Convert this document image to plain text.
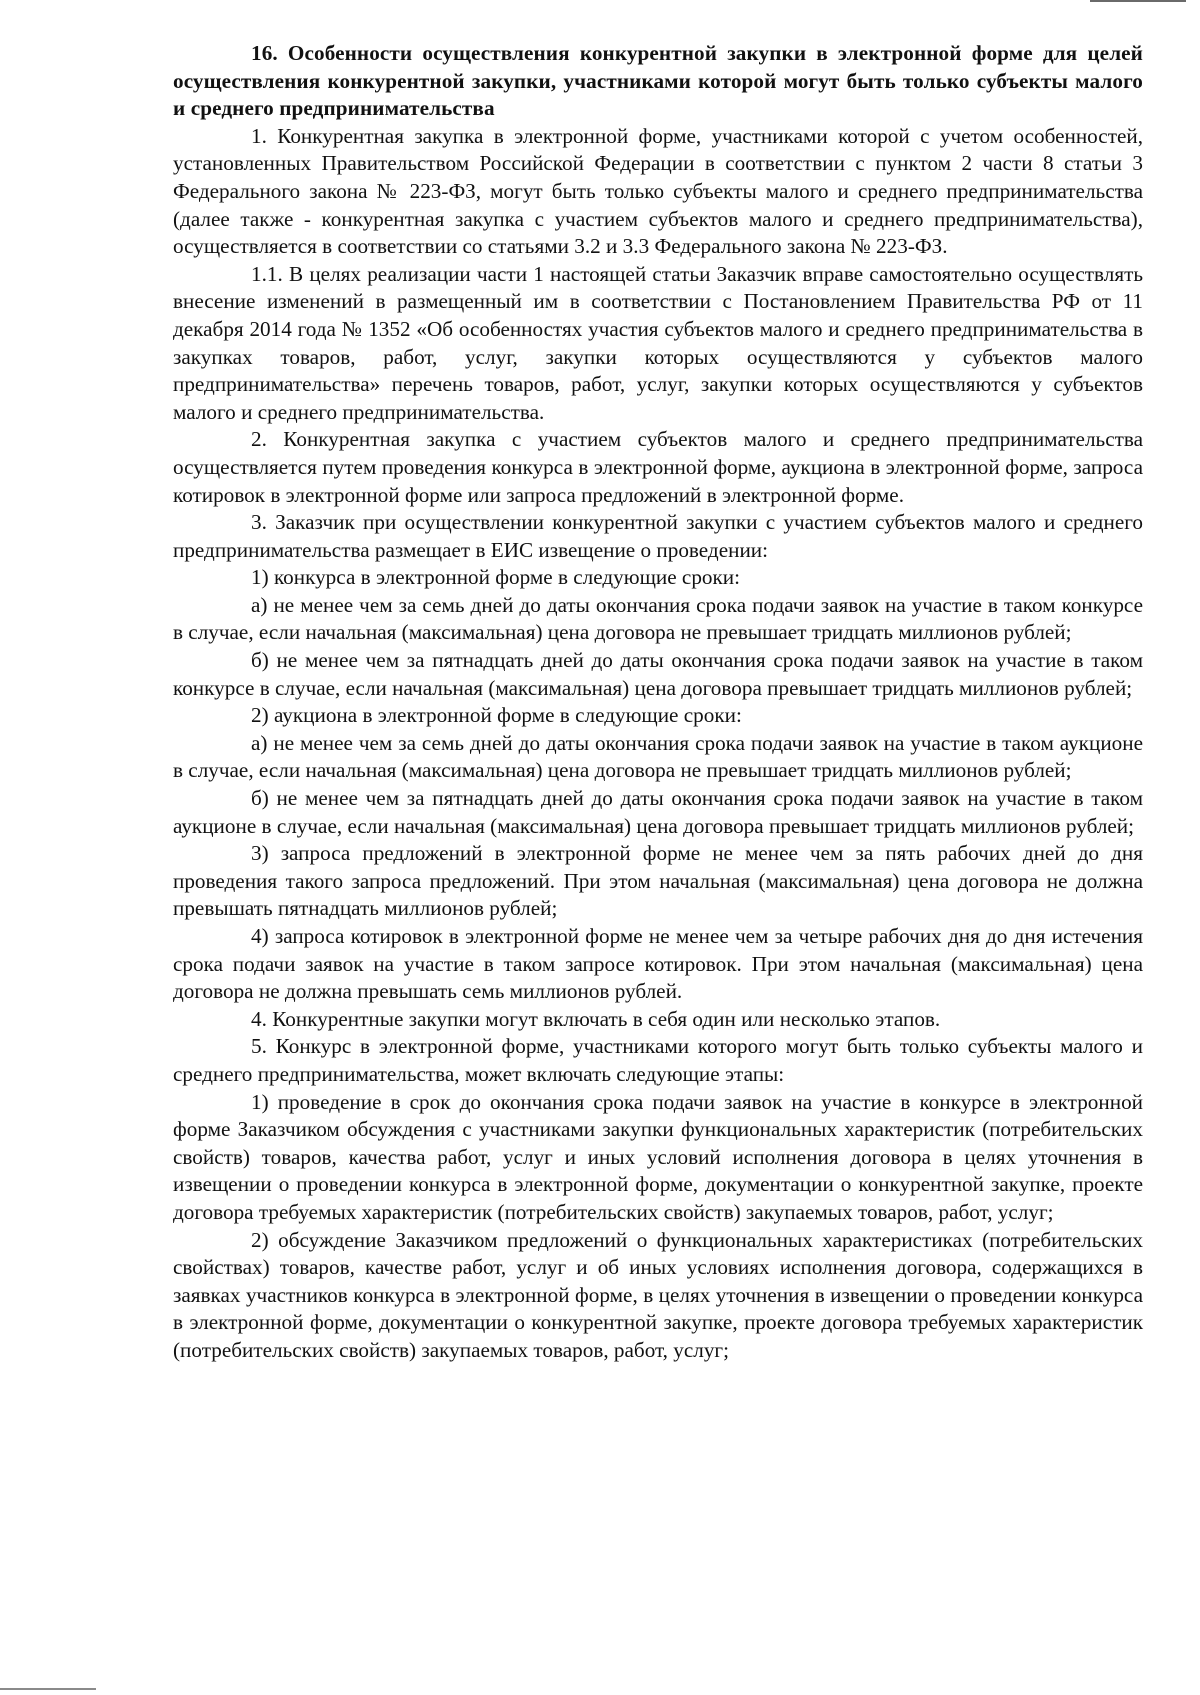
16. Особенности осуществления конкурентной закупки в электронной форме для целей осуществления конкурентной закупки, участниками которой могут быть только субъекты малого и среднего предпринимательства

1. Конкурентная закупка в электронной форме, участниками которой с учетом особенностей, установленных Правительством Российской Федерации в соответствии с пунктом 2 части 8 статьи 3 Федерального закона № 223-ФЗ, могут быть только субъекты малого и среднего предпринимательства (далее также - конкурентная закупка с участием субъектов малого и среднего предпринимательства), осуществляется в соответствии со статьями 3.2 и 3.3 Федерального закона № 223-ФЗ.

1.1. В целях реализации части 1 настоящей статьи Заказчик вправе самостоятельно осуществлять внесение изменений в размещенный им в соответствии с Постановлением Правительства РФ от 11 декабря 2014 года № 1352 «Об особенностях участия субъектов малого и среднего предпринимательства в закупках товаров, работ, услуг, закупки которых осуществляются у субъектов малого предпринимательства» перечень товаров, работ, услуг, закупки которых осуществляются у субъектов малого и среднего предпринимательства.

2. Конкурентная закупка с участием субъектов малого и среднего предпринимательства осуществляется путем проведения конкурса в электронной форме, аукциона в электронной форме, запроса котировок в электронной форме или запроса предложений в электронной форме.

3. Заказчик при осуществлении конкурентной закупки с участием субъектов малого и среднего предпринимательства размещает в ЕИС извещение о проведении:

1) конкурса в электронной форме в следующие сроки:

а) не менее чем за семь дней до даты окончания срока подачи заявок на участие в таком конкурсе в случае, если начальная (максимальная) цена договора не превышает тридцать миллионов рублей;

б) не менее чем за пятнадцать дней до даты окончания срока подачи заявок на участие в таком конкурсе в случае, если начальная (максимальная) цена договора превышает тридцать миллионов рублей;

2) аукциона в электронной форме в следующие сроки:

а) не менее чем за семь дней до даты окончания срока подачи заявок на участие в таком аукционе в случае, если начальная (максимальная) цена договора не превышает тридцать миллионов рублей;

б) не менее чем за пятнадцать дней до даты окончания срока подачи заявок на участие в таком аукционе в случае, если начальная (максимальная) цена договора превышает тридцать миллионов рублей;

3) запроса предложений в электронной форме не менее чем за пять рабочих дней до дня проведения такого запроса предложений. При этом начальная (максимальная) цена договора не должна превышать пятнадцать миллионов рублей;

4) запроса котировок в электронной форме не менее чем за четыре рабочих дня до дня истечения срока подачи заявок на участие в таком запросе котировок. При этом начальная (максимальная) цена договора не должна превышать семь миллионов рублей.

4. Конкурентные закупки могут включать в себя один или несколько этапов.

5. Конкурс в электронной форме, участниками которого могут быть только субъекты малого и среднего предпринимательства, может включать следующие этапы:

1) проведение в срок до окончания срока подачи заявок на участие в конкурсе в электронной форме Заказчиком обсуждения с участниками закупки функциональных характеристик (потребительских свойств) товаров, качества работ, услуг и иных условий исполнения договора в целях уточнения в извещении о проведении конкурса в электронной форме, документации о конкурентной закупке, проекте договора требуемых характеристик (потребительских свойств) закупаемых товаров, работ, услуг;

2) обсуждение Заказчиком предложений о функциональных характеристиках (потребительских свойствах) товаров, качестве работ, услуг и об иных условиях исполнения договора, содержащихся в заявках участников конкурса в электронной форме, в целях уточнения в извещении о проведении конкурса в электронной форме, документации о конкурентной закупке, проекте договора требуемых характеристик (потребительских свойств) закупаемых товаров, работ, услуг;
